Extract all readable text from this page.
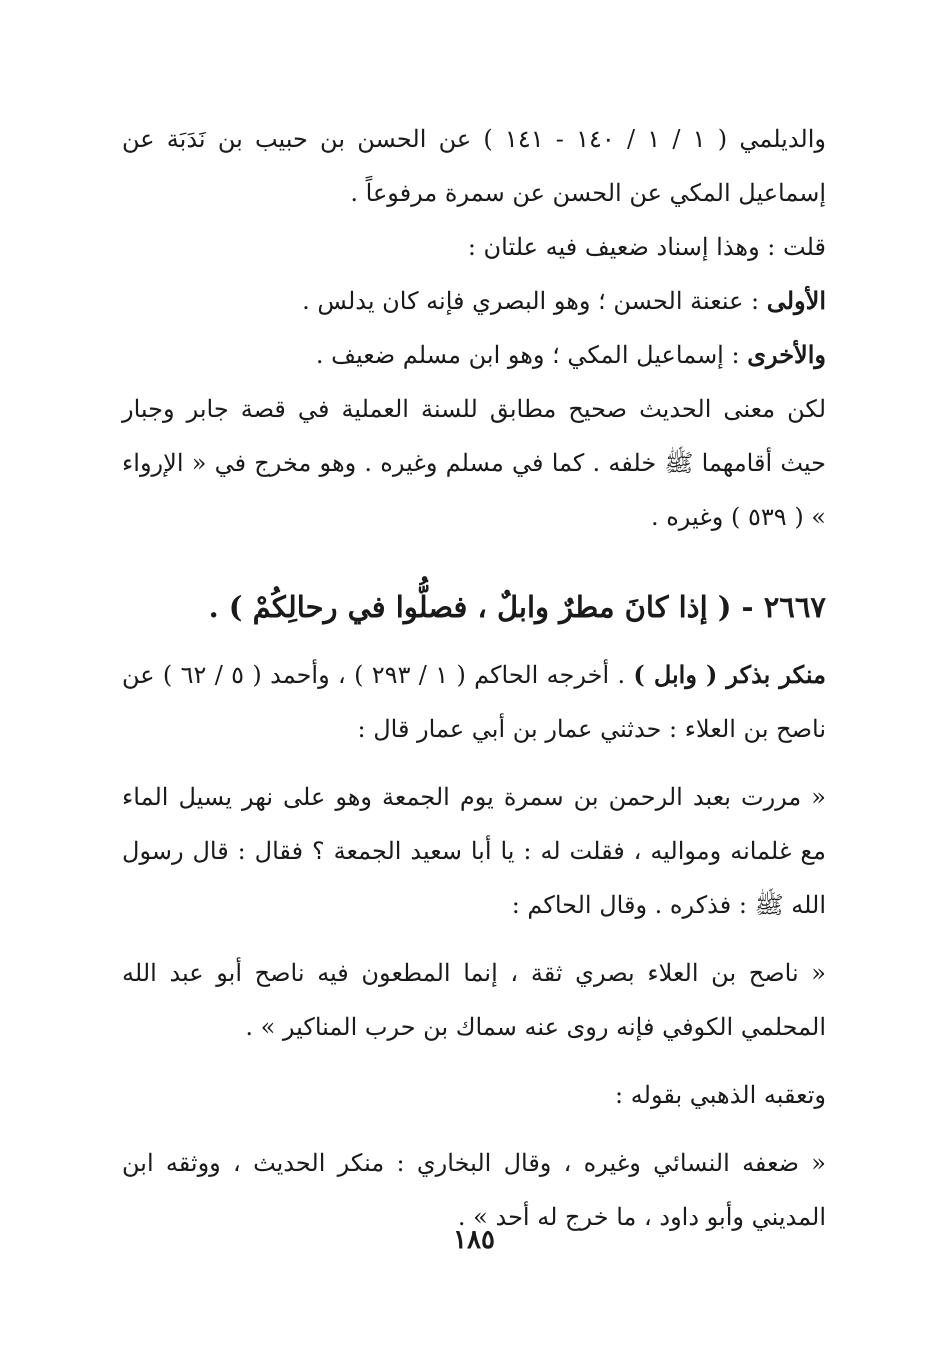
والديلمي ( ١ / ١ / ١٤٠ - ١٤١ ) عن الحسن بن حبيب بن نَدَبَة عن إسماعيل المكي عن الحسن عن سمرة مرفوعاً .

قلت : وهذا إسناد ضعيف فيه علتان :

الأولى : عنعنة الحسن ؛ وهو البصري فإنه كان يدلس .

والأخرى : إسماعيل المكي ؛ وهو ابن مسلم ضعيف .

لكن معنى الحديث صحيح مطابق للسنة العملية في قصة جابر وجبار حيث أقامهما ﷺ خلفه . كما في مسلم وغيره . وهو مخرج في « الإرواء » ( ٥٣٩ ) وغيره .

٢٦٦٧ - ( إذا كانَ مطرٌ وابلٌ ، فصلُّوا في رحالِكُمْ ) .

منكر بذكر ( وابل ) . أخرجه الحاكم ( ١ / ٢٩٣ ) ، وأحمد ( ٥ / ٦٢ ) عن ناصح بن العلاء : حدثني عمار بن أبي عمار قال :

« مررت بعبد الرحمن بن سمرة يوم الجمعة وهو على نهر يسيل الماء مع غلمانه ومواليه ، فقلت له : يا أبا سعيد الجمعة ؟ فقال : قال رسول الله ﷺ : فذكره . وقال الحاكم :

« ناصح بن العلاء بصري ثقة ، إنما المطعون فيه ناصح أبو عبد الله المحلمي الكوفي فإنه روى عنه سماك بن حرب المناكير » .

وتعقبه الذهبي بقوله :

« ضعفه النسائي وغيره ، وقال البخاري : منكر الحديث ، ووثقه ابن المديني وأبو داود ، ما خرج له أحد » .

١٨٥
